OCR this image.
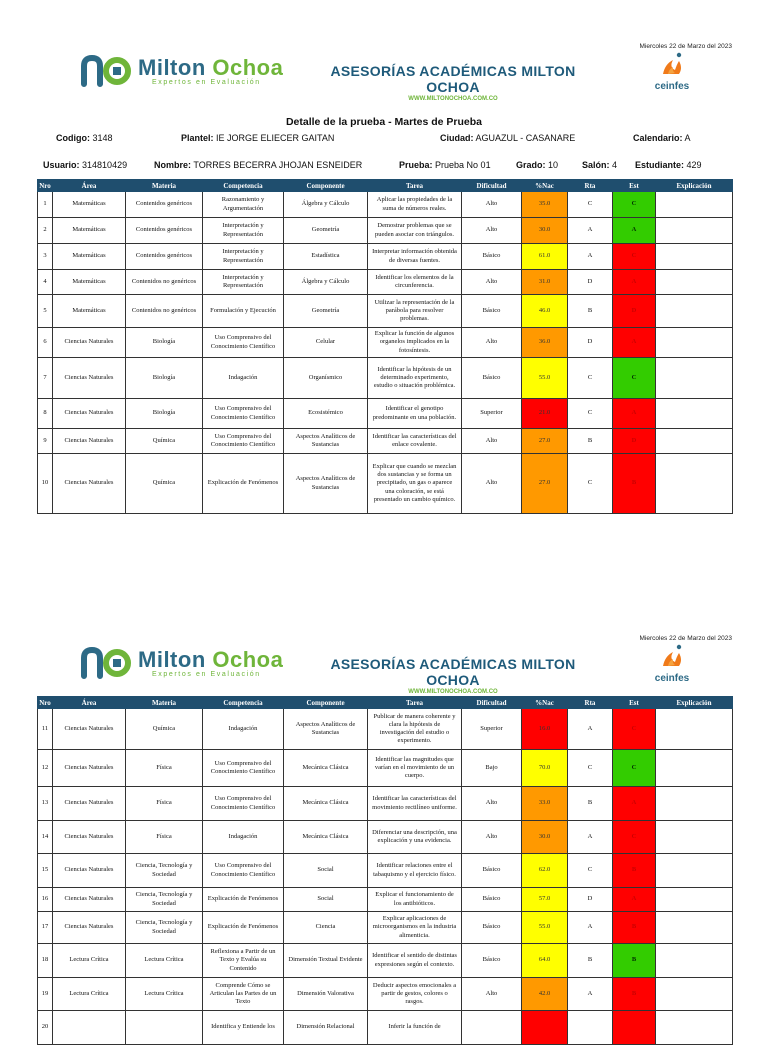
Miercoles 22 de Marzo del 2023
Milton Ochoa
Expertos en Evaluación
ASESORÍAS ACADÉMICAS MILTON OCHOA
WWW.MILTONOCHOA.COM.CO
ceinfes
Detalle de la prueba - Martes de Prueba
Codigo: 3148	Plantel: IE JORGE ELIECER GAITAN	Ciudad: AGUAZUL - CASANARE	Calendario: A
Usuario: 314810429	Nombre: TORRES BECERRA JHOJAN ESNEIDER	Prueba: Prueba No 01	Grado: 10	Salón: 4 Estudiante: 429
Nro	Área	Materia	Competencia	Componente	Tarea	Dificultad	%Nac	Rta	Est	Explicación
1	Matemáticas	Contenidos genéricos	Razonamiento y Argumentación	Álgebra y Cálculo	Aplicar las propiedades de la suma de números reales.	Alto	35.0	C	C	
2	Matemáticas	Contenidos genéricos	Interpretación y Representación	Geometría	Demostrar problemas que se pueden asociar con triángulos.	Alto	30.0	A	A	
3	Matemáticas	Contenidos genéricos	Interpretación y Representación	Estadística	Interpretar información obtenida de diversas fuentes.	Básico	61.0	A	C	
4	Matemáticas	Contenidos no genéricos	Interpretación y Representación	Álgebra y Cálculo	Identificar los elementos de la circunferencia.	Alto	31.0	D	A	
5	Matemáticas	Contenidos no genéricos	Formulación y Ejecución	Geometría	Utilizar la representación de la parábola para resolver problemas.	Básico	46.0	B	D	
6	Ciencias Naturales	Biología	Uso Comprensivo del Conocimiento Científico	Celular	Explicar la función de algunos organelos implicados en la fotosíntesis.	Alto	36.0	D	A	
7	Ciencias Naturales	Biología	Indagación	Organísmico	Identificar la hipótesis de un determinado experimento, estudio o situación problémica.	Básico	55.0	C	C	
8	Ciencias Naturales	Biología	Uso Comprensivo del Conocimiento Científico	Ecosistémico	Identificar el genotipo predominante en una población.	Superior	21.0	C	A	
9	Ciencias Naturales	Química	Uso Comprensivo del Conocimiento Científico	Aspectos Analíticos de Sustancias	Identificar las características del enlace covalente.	Alto	27.0	B	D	
10	Ciencias Naturales	Química	Explicación de Fenómenos	Aspectos Analíticos de Sustancias	Explicar que cuando se mezclan dos sustancias y se forma un precipitado, un gas o aparece una coloración, se está presentado un cambio químico.	Alto	27.0	C	B	
Miercoles 22 de Marzo del 2023
Milton Ochoa
Expertos en Evaluación
ASESORÍAS ACADÉMICAS MILTON OCHOA
WWW.MILTONOCHOA.COM.CO
ceinfes
Nro	Área	Materia	Competencia	Componente	Tarea	Dificultad	%Nac	Rta	Est	Explicación
11	Ciencias Naturales	Química	Indagación	Aspectos Analíticos de Sustancias	Publicar de manera coherente y clara la hipótesis de investigación del estudio o experimento.	Superior	16.0	A	C	
12	Ciencias Naturales	Física	Uso Comprensivo del Conocimiento Científico	Mecánica Clásica	Identificar las magnitudes que varían en el movimiento de un cuerpo.	Bajo	70.0	C	C	
13	Ciencias Naturales	Física	Uso Comprensivo del Conocimiento Científico	Mecánica Clásica	Identificar las características del movimiento rectilíneo uniforme.	Alto	33.0	B	A	
14	Ciencias Naturales	Física	Indagación	Mecánica Clásica	Diferenciar una descripción, una explicación y una evidencia.	Alto	30.0	A	C	
15	Ciencias Naturales	Ciencia, Tecnología y Sociedad	Uso Comprensivo del Conocimiento Científico	Social	Identificar relaciones entre el tabaquismo y el ejercicio físico.	Básico	62.0	C	B	
16	Ciencias Naturales	Ciencia, Tecnología y Sociedad	Explicación de Fenómenos	Social	Explicar el funcionamiento de los antibióticos.	Básico	57.0	D	A	
17	Ciencias Naturales	Ciencia, Tecnología y Sociedad	Explicación de Fenómenos	Ciencia	Explicar aplicaciones de microorganismos en la industria alimenticia.	Básico	55.0	A	B	
18	Lectura Crítica	Lectura Crítica	Reflexiona a Partir de un Texto y Evalúa su Contenido	Dimensión Textual Evidente	Identificar el sentido de distintas expresiones según el contexto.	Básico	64.0	B	B	
19	Lectura Crítica	Lectura Crítica	Comprende Cómo se Articulan las Partes de un Texto	Dimensión Valorativa	Deducir aspectos emocionales a partir de gestos, colores o rasgos.	Alto	42.0	A	B	
20			Identifica y Entiende los	Dimensión Relacional	Inferir la función de					
